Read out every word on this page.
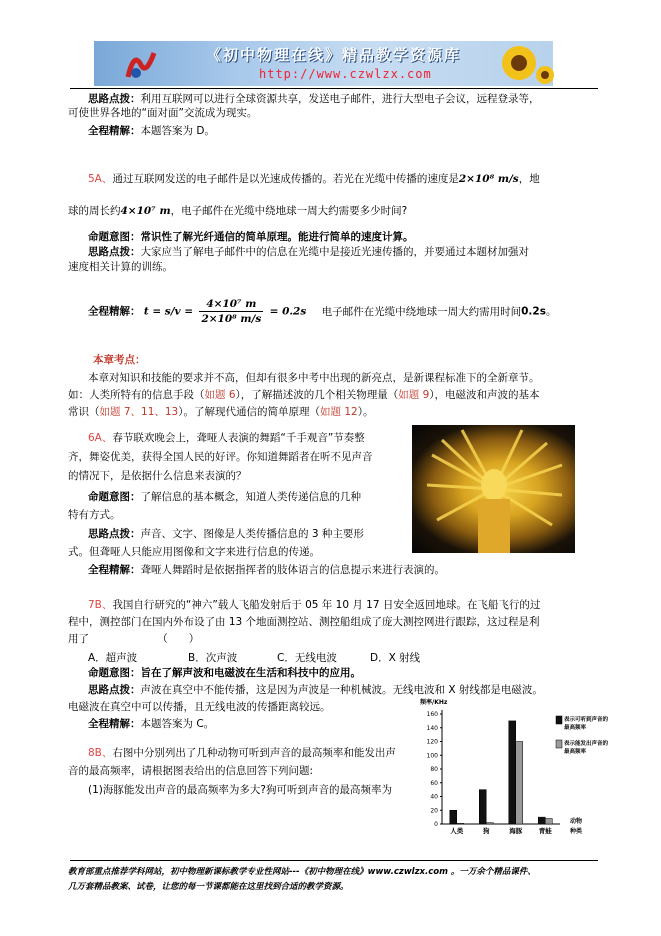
《初中物理在线》精品教学资源库
http://www.czwlzx.com
思路点拨：利用互联网可以进行全球资源共享，发送电子邮件，进行大型电子会议，远程登录等，
可使世界各地的“面对面”交流成为现实。
全程精解：本题答案为 D。
5A、通过互联网发送的电子邮件是以光速成传播的。若光在光缆中传播的速度是2×10⁸ m/s，地
球的周长约4×10⁷ m，电子邮件在光缆中绕地球一周大约需要多少时间?
命题意图：常识性了解光纤通信的简单原理。能进行简单的速度计算。
思路点拨：大家应当了解电子邮件中的信息在光缆中是接近光速传播的，并要通过本题材加强对
速度相关计算的训练。
全程精解： $t = s/v = \frac{\text{4×10⁷ m}}{\text{2×10⁸ m/s}} = 0.2s$ 电子邮件在光缆中绕地球一周大约需用时间0.2s。
本章考点：
本章对知识和技能的要求并不高，但却有很多中考中出现的新亮点，是新课程标准下的全新章节。
如：人类所特有的信息手段（如题 6），了解描述波的几个相关物理量（如题 9），电磁波和声波的基本
常识（如题 7、11、13）。了解现代通信的简单原理（如题 12）。
6A、春节联欢晚会上，聋哑人表演的舞蹈“千手观音”节奏整
齐，舞姿优美，获得全国人民的好评。你知道舞蹈者在听不见声音
的情况下，是依据什么信息来表演的？
命题意图：了解信息的基本概念，知道人类传递信息的几种
特有方式。
思路点拨：声音、文字、图像是人类传播信息的 3 种主要形
式。但聋哑人只能应用图像和文字来进行信息的传递。
全程精解：聋哑人舞蹈时是依据指挥者的肢体语言的信息提示来进行表演的。
7B、我国自行研究的“神六”载人飞船发射后于 05 年 10 月 17 日安全返回地球。在飞船飞行的过
程中，测控部门在国内外布设了由 13 个地面测控站、测控船组成了庞大测控网进行跟踪，这过程是利
用了　　　　　　　（　　）
A．超声波	B．次声波	C．无线电波	D．X 射线
命题意图：旨在了解声波和电磁波在生活和科技中的应用。
思路点拨：声波在真空中不能传播，这是因为声波是一种机械波。无线电波和 X 射线都是电磁波。
电磁波在真空中可以传播，且无线电波的传播距离较远。
全程精解：本题答案为 C。
8B、右图中分别列出了几种动物可听到声音的最高频率和能发出声
音的最高频率，请根据图表给出的信息回答下列问题:
(1)海豚能发出声音的最高频率为多大?狗可听到声音的最高频率为
频率/KHz
0
20
40
60
80
100
120
140
160
人类	狗	海豚	青蛙
动物
种类
表示可听到声音的
最高频率
表示能发出声音的
最高频率
教育部重点推荐学科网站，初中物理新课标教学专业性网站---《初中物理在线》www.czwlzx.com 。一万余个精品课件、
几万套精品教案、试卷，让您的每一节课都能在这里找到合适的教学资源。
